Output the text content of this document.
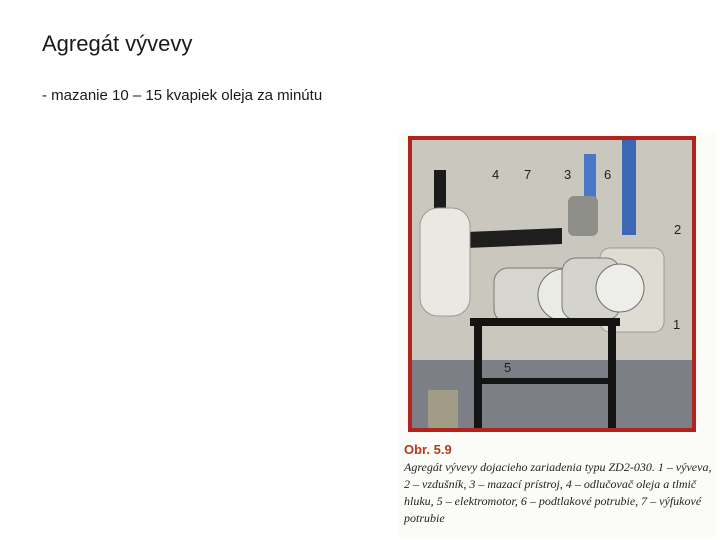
Agregát vývevy
- mazanie 10 – 15 kvapiek oleja za minútu
4 7	3	6
2
1
5
Obr. 5.9
Agregát vývevy dojacieho zariadenia typu ZD2-030. 1 – výveva, 2 – vzdušník, 3 – mazací prístroj, 4 – odlučovač oleja a tlmič hluku, 5 – elektromotor, 6 – podtlakové potrubie, 7 – výfukové potrubie
